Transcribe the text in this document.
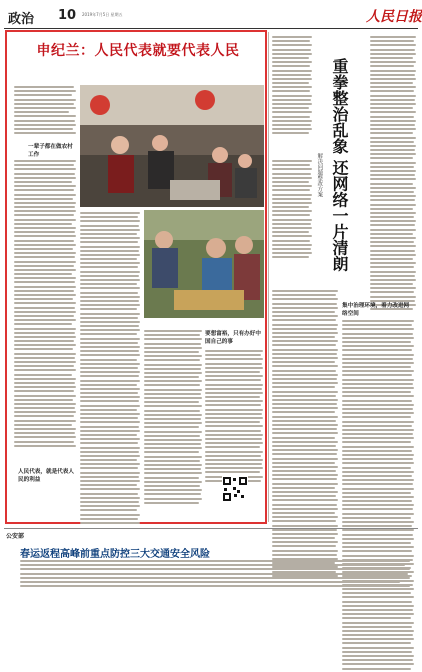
政治 10 2019年7月5日 星期五	人民日报
申纪兰：人民代表就要代表人民
一辈子都在做农村工作
人民代表，就是代表人民的利益
要想富裕，只有办好中国自己的事
重拳整治乱象 还网络一片清朗
解决问题整改方案
集中治理环境，着力改进网络空间
公安部
春运返程高峰前重点防控三大交通安全风险
